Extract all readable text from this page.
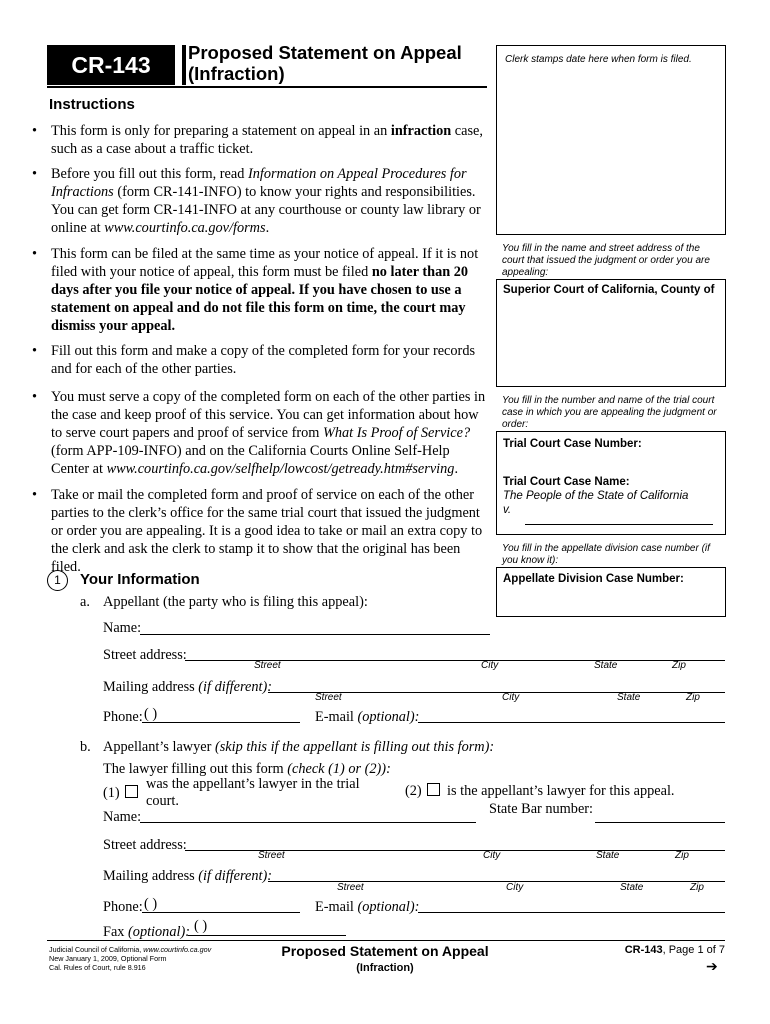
CR-143	Proposed Statement on Appeal
(Infraction)
Clerk stamps date here when form is filed.
Instructions
• This form is only for preparing a statement on appeal in an infraction case, such as a case about a traffic ticket.
• Before you fill out this form, read Information on Appeal Procedures for Infractions (form CR-141-INFO) to know your rights and responsibilities. You can get form CR-141-INFO at any courthouse or county law library or online at www.courtinfo.ca.gov/forms.
• This form can be filed at the same time as your notice of appeal. If it is not filed with your notice of appeal, this form must be filed no later than 20 days after you file your notice of appeal. If you have chosen to use a statement on appeal and do not file this form on time, the court may dismiss your appeal.
• Fill out this form and make a copy of the completed form for your records and for each of the other parties.
• You must serve a copy of the completed form on each of the other parties in the case and keep proof of this service. You can get information about how to serve court papers and proof of service from What Is Proof of Service? (form APP-109-INFO) and on the California Courts Online Self-Help Center at www.courtinfo.ca.gov/selfhelp/lowcost/getready.htm#serving.
• Take or mail the completed form and proof of service on each of the other parties to the clerk’s office for the same trial court that issued the judgment or order you are appealing. It is a good idea to take or mail an extra copy to the clerk and ask the clerk to stamp it to show that the original has been filed.
You fill in the name and street address of the court that issued the judgment or order you are appealing:
Superior Court of California, County of
You fill in the number and name of the trial court case in which you are appealing the judgment or order:
Trial Court Case Number:
Trial Court Case Name:
The People of the State of California
v.
You fill in the appellate division case number (if you know it):
Appellate Division Case Number:
1	Your Information
a. Appellant (the party who is filing this appeal):
Name:
Street address:
Street	City	State	Zip
Mailing address (if different):
Street	City	State	Zip
Phone: ( )	E-mail (optional):
b. Appellant’s lawyer (skip this if the appellant is filling out this form):
The lawyer filling out this form (check (1) or (2)):
(1)
was the appellant’s lawyer in the trial
court.
(2) is the appellant’s lawyer for this appeal.
Name:	State Bar number:
Street address:
Street	City	State	Zip
Mailing address (if different):
Street	City	State	Zip
Phone: ( )	E-mail (optional):
Fax (optional): ( )
Judicial Council of California, www.courtinfo.ca.gov
New January 1, 2009, Optional Form
Cal. Rules of Court, rule 8.916
Proposed Statement on Appeal
(Infraction)
CR-143, Page 1 of 7
➔
